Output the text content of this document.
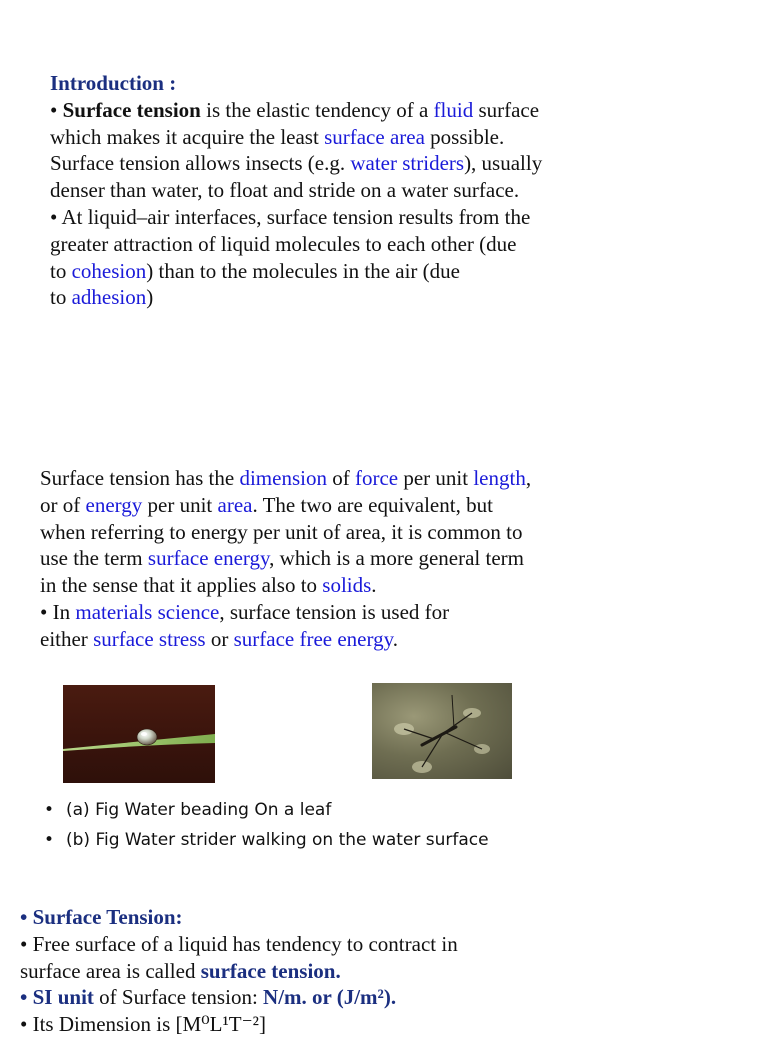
Introduction :
• Surface tension is the elastic tendency of a fluid surface
which makes it acquire the least surface area possible.
Surface tension allows insects (e.g. water striders), usually
denser than water, to float and stride on a water surface.
• At liquid–air interfaces, surface tension results from the
greater attraction of liquid molecules to each other (due
to cohesion) than to the molecules in the air (due
to adhesion)
Surface tension has the dimension of force per unit length,
or of energy per unit area. The two are equivalent, but
when referring to energy per unit of area, it is common to
use the term surface energy, which is a more general term
in the sense that it applies also to solids.
• In materials science, surface tension is used for
either surface stress or surface free energy.
• (a) Fig Water beading On a leaf
• (b) Fig Water strider walking on the water surface
• Surface Tension:
• Free surface of a liquid has tendency to contract in
surface area is called surface tension.
• SI unit of Surface tension: N/m. or (J/m²).
• Its Dimension is [M⁰L¹T⁻²]
